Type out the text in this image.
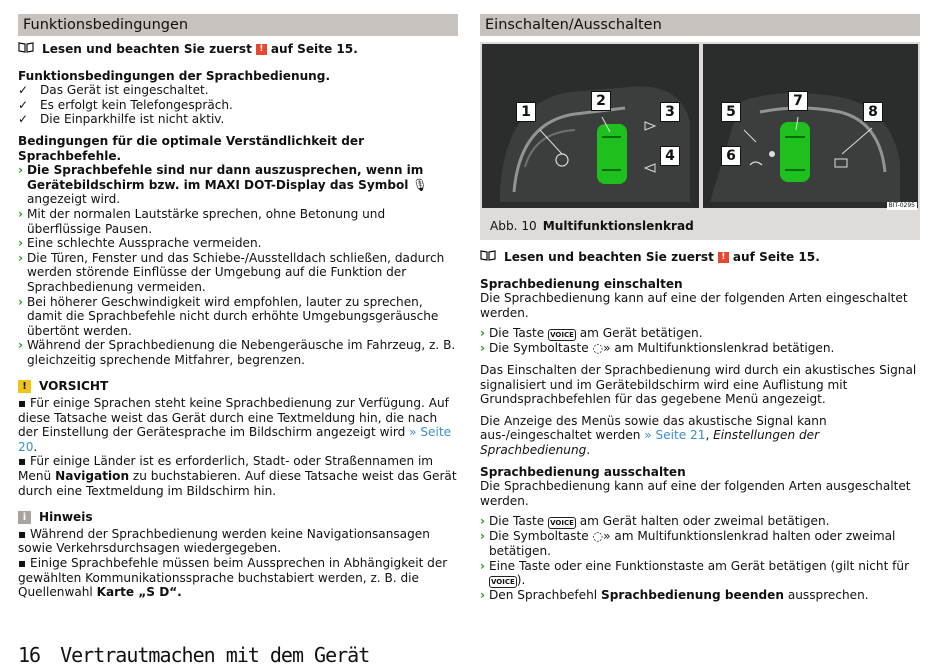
Funktionsbedingungen
Lesen und beachten Sie zuerst ! auf Seite 15.
Funktionsbedingungen der Sprachbedienung.
✓ Das Gerät ist eingeschaltet.
✓ Es erfolgt kein Telefongespräch.
✓ Die Einparkhilfe ist nicht aktiv.
Bedingungen für die optimale Verständlichkeit der Sprachbefehle.
› Die Sprachbefehle sind nur dann auszusprechen, wenn im Gerätebildschirm bzw. im MAXI DOT-Display das Symbol 🎙 angezeigt wird.
› Mit der normalen Lautstärke sprechen, ohne Betonung und überflüssige Pausen.
› Eine schlechte Aussprache vermeiden.
› Die Türen, Fenster und das Schiebe-/Ausstelldach schließen, dadurch werden störende Einflüsse der Umgebung auf die Funktion der Sprachbedienung vermeiden.
› Bei höherer Geschwindigkeit wird empfohlen, lauter zu sprechen, damit die Sprachbefehle nicht durch erhöhte Umgebungsgeräusche übertönt werden.
› Während der Sprachbedienung die Nebengeräusche im Fahrzeug, z. B. gleichzeitig sprechende Mitfahrer, begrenzen.
!	VORSICHT
▪ Für einige Sprachen steht keine Sprachbedienung zur Verfügung. Auf diese Tatsache weist das Gerät durch eine Textmeldung hin, die nach der Einstellung der Gerätesprache im Bildschirm angezeigt wird » Seite 20.
▪ Für einige Länder ist es erforderlich, Stadt- oder Straßennamen im Menü Navigation zu buchstabieren. Auf diese Tatsache weist das Gerät durch eine Textmeldung im Bildschirm hin.
i	Hinweis
▪ Während der Sprachbedienung werden keine Navigationsansagen sowie Verkehrsdurchsagen wiedergegeben.
▪ Einige Sprachbefehle müssen beim Aussprechen in Abhängigkeit der gewählten Kommunikationssprache buchstabiert werden, z. B. die Quellenwahl Karte „S D“.
Einschalten/Ausschalten
1
2
3
4
5
6
7
8
BIT-0295
Abb. 10 Multifunktionslenkrad
Lesen und beachten Sie zuerst ! auf Seite 15.
Sprachbedienung einschalten
Die Sprachbedienung kann auf eine der folgenden Arten eingeschaltet werden.
› Die Taste VOICE am Gerät betätigen.
› Die Symboltaste ◌» am Multifunktionslenkrad betätigen.
Das Einschalten der Sprachbedienung wird durch ein akustisches Signal signalisiert und im Gerätebildschirm wird eine Auflistung mit Grundsprachbefehlen für das gegebene Menü angezeigt.
Die Anzeige des Menüs sowie das akustische Signal kann aus-/eingeschaltet werden » Seite 21, Einstellungen der Sprachbedienung.
Sprachbedienung ausschalten
Die Sprachbedienung kann auf eine der folgenden Arten ausgeschaltet werden.
› Die Taste VOICE am Gerät halten oder zweimal betätigen.
› Die Symboltaste ◌» am Multifunktionslenkrad halten oder zweimal betätigen.
› Eine Taste oder eine Funktionstaste am Gerät betätigen (gilt nicht für VOICE ).
› Den Sprachbefehl Sprachbedienung beenden aussprechen.
16 Vertrautmachen mit dem Gerät
